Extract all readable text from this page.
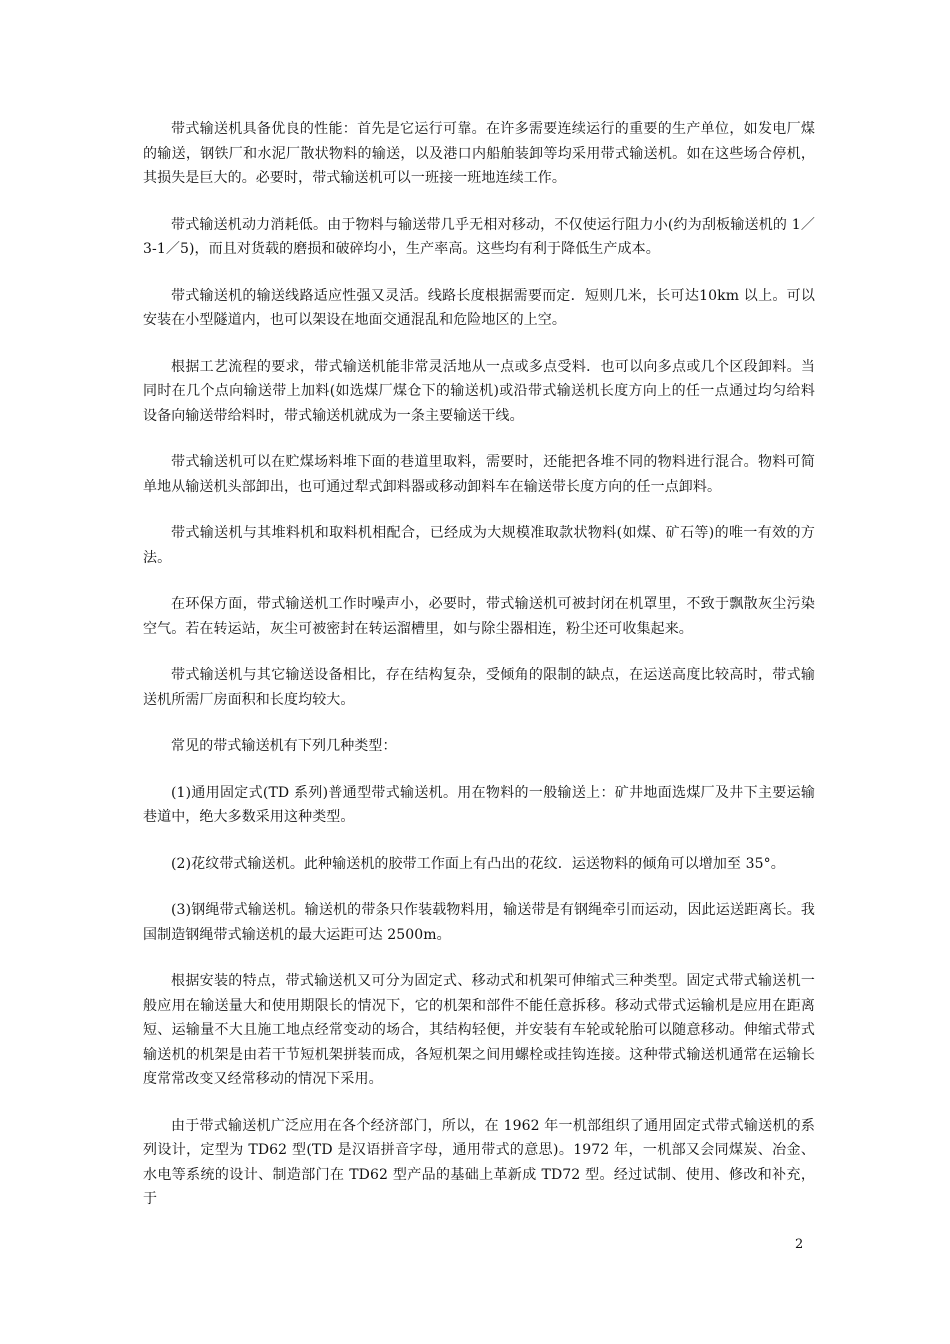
带式输送机具备优良的性能：首先是它运行可靠。在许多需要连续运行的重要的生产单位，如发电厂煤的输送，钢铁厂和水泥厂散状物料的输送，以及港口内船舶装卸等均采用带式输送机。如在这些场合停机，其损失是巨大的。必要时，带式输送机可以一班接一班地连续工作。

带式输送机动力消耗低。由于物料与输送带几乎无相对移动，不仅使运行阻力小(约为刮板输送机的 1／3-1／5)，而且对货载的磨损和破碎均小，生产率高。这些均有利于降低生产成本。

带式输送机的输送线路适应性强又灵活。线路长度根据需要而定．短则几米，长可达10km 以上。可以安装在小型隧道内，也可以架设在地面交通混乱和危险地区的上空。

根据工艺流程的要求，带式输送机能非常灵活地从一点或多点受料．也可以向多点或几个区段卸料。当同时在几个点向输送带上加料(如选煤厂煤仓下的输送机)或沿带式输送机长度方向上的任一点通过均匀给料设备向输送带给料时，带式输送机就成为一条主要输送干线。

带式输送机可以在贮煤场料堆下面的巷道里取料，需要时，还能把各堆不同的物料进行混合。物料可简单地从输送机头部卸出，也可通过犁式卸料器或移动卸料车在输送带长度方向的任一点卸料。

带式输送机与其堆料机和取料机相配合，已经成为大规模准取款状物料(如煤、矿石等)的唯一有效的方法。

在环保方面，带式输送机工作时噪声小，必要时，带式输送机可被封闭在机罩里，不致于飘散灰尘污染空气。若在转运站，灰尘可被密封在转运溜槽里，如与除尘器相连，粉尘还可收集起来。

带式输送机与其它输送设备相比，存在结构复杂，受倾角的限制的缺点，在运送高度比较高时，带式输送机所需厂房面积和长度均较大。

常见的带式输送机有下列几种类型：

(1)通用固定式(TD 系列)普通型带式输送机。用在物料的一般输送上：矿井地面选煤厂及井下主要运输巷道中，绝大多数采用这种类型。

(2)花纹带式输送机。此种输送机的胶带工作面上有凸出的花纹．运送物料的倾角可以增加至 35°。

(3)钢绳带式输送机。输送机的带条只作装载物料用，输送带是有钢绳牵引而运动，因此运送距离长。我国制造钢绳带式输送机的最大运距可达 2500m。

根据安装的特点，带式输送机又可分为固定式、移动式和机架可伸缩式三种类型。固定式带式输送机一般应用在输送量大和使用期限长的情况下，它的机架和部件不能任意拆移。移动式带式运输机是应用在距离短、运输量不大且施工地点经常变动的场合，其结构轻便，并安装有车轮或轮胎可以随意移动。伸缩式带式输送机的机架是由若干节短机架拼装而成，各短机架之间用螺栓或挂钩连接。这种带式输送机通常在运输长度常常改变又经常移动的情况下采用。

由于带式输送机广泛应用在各个经济部门，所以，在 1962 年一机部组织了通用固定式带式输送机的系列设计，定型为 TD62 型(TD 是汉语拼音字母，通用带式的意思)。1972 年，一机部又会同煤炭、冶金、水电等系统的设计、制造部门在 TD62 型产品的基础上革新成 TD72 型。经过试制、使用、修改和补充，于

2
